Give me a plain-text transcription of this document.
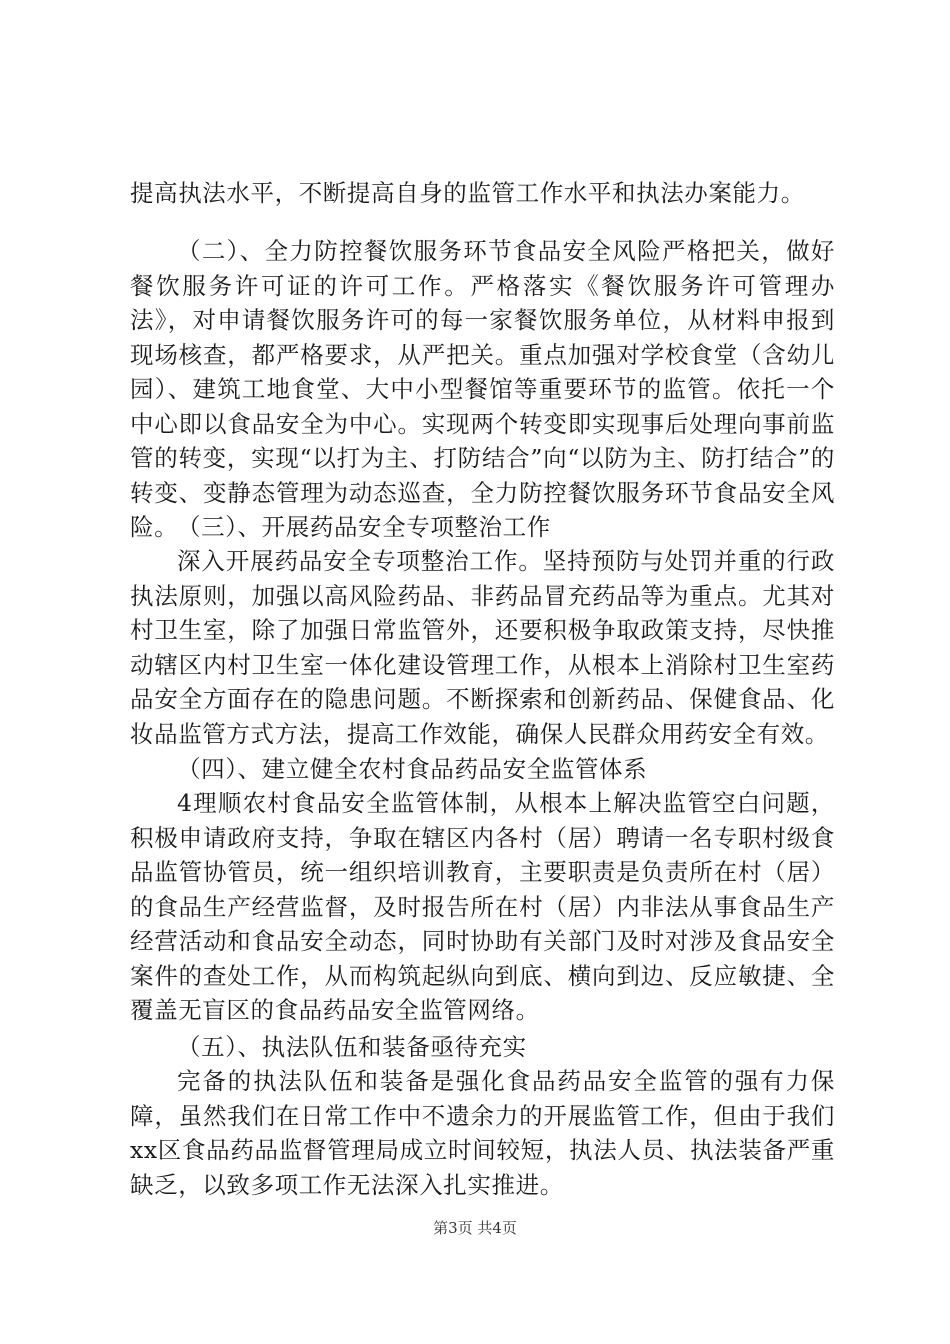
提高执法水平，不断提高自身的监管工作水平和执法办案能力。

（二）、全力防控餐饮服务环节食品安全风险严格把关，做好餐饮服务许可证的许可工作。严格落实《餐饮服务许可管理办法》，对申请餐饮服务许可的每一家餐饮服务单位，从材料申报到现场核查，都严格要求，从严把关。重点加强对学校食堂（含幼儿园）、建筑工地食堂、大中小型餐馆等重要环节的监管。依托一个中心即以食品安全为中心。实现两个转变即实现事后处理向事前监管的转变，实现“以打为主、打防结合”向“以防为主、防打结合”的转变、变静态管理为动态巡查，全力防控餐饮服务环节食品安全风险。

（三）、开展药品安全专项整治工作

深入开展药品安全专项整治工作。坚持预防与处罚并重的行政执法原则，加强以高风险药品、非药品冒充药品等为重点。尤其对村卫生室，除了加强日常监管外，还要积极争取政策支持，尽快推动辖区内村卫生室一体化建设管理工作，从根本上消除村卫生室药品安全方面存在的隐患问题。不断探索和创新药品、保健食品、化妆品监管方式方法，提高工作效能，确保人民群众用药安全有效。

（四）、建立健全农村食品药品安全监管体系

4理顺农村食品安全监管体制，从根本上解决监管空白问题，积极申请政府支持，争取在辖区内各村（居）聘请一名专职村级食品监管协管员，统一组织培训教育，主要职责是负责所在村（居）的食品生产经营监督，及时报告所在村（居）内非法从事食品生产经营活动和食品安全动态，同时协助有关部门及时对涉及食品安全案件的查处工作，从而构筑起纵向到底、横向到边、反应敏捷、全覆盖无盲区的食品药品安全监管网络。

（五）、执法队伍和装备亟待充实

完备的执法队伍和装备是强化食品药品安全监管的强有力保障，虽然我们在日常工作中不遗余力的开展监管工作，但由于我们xx区食品药品监督管理局成立时间较短，执法人员、执法装备严重缺乏，以致多项工作无法深入扎实推进。

第3页 共4页
